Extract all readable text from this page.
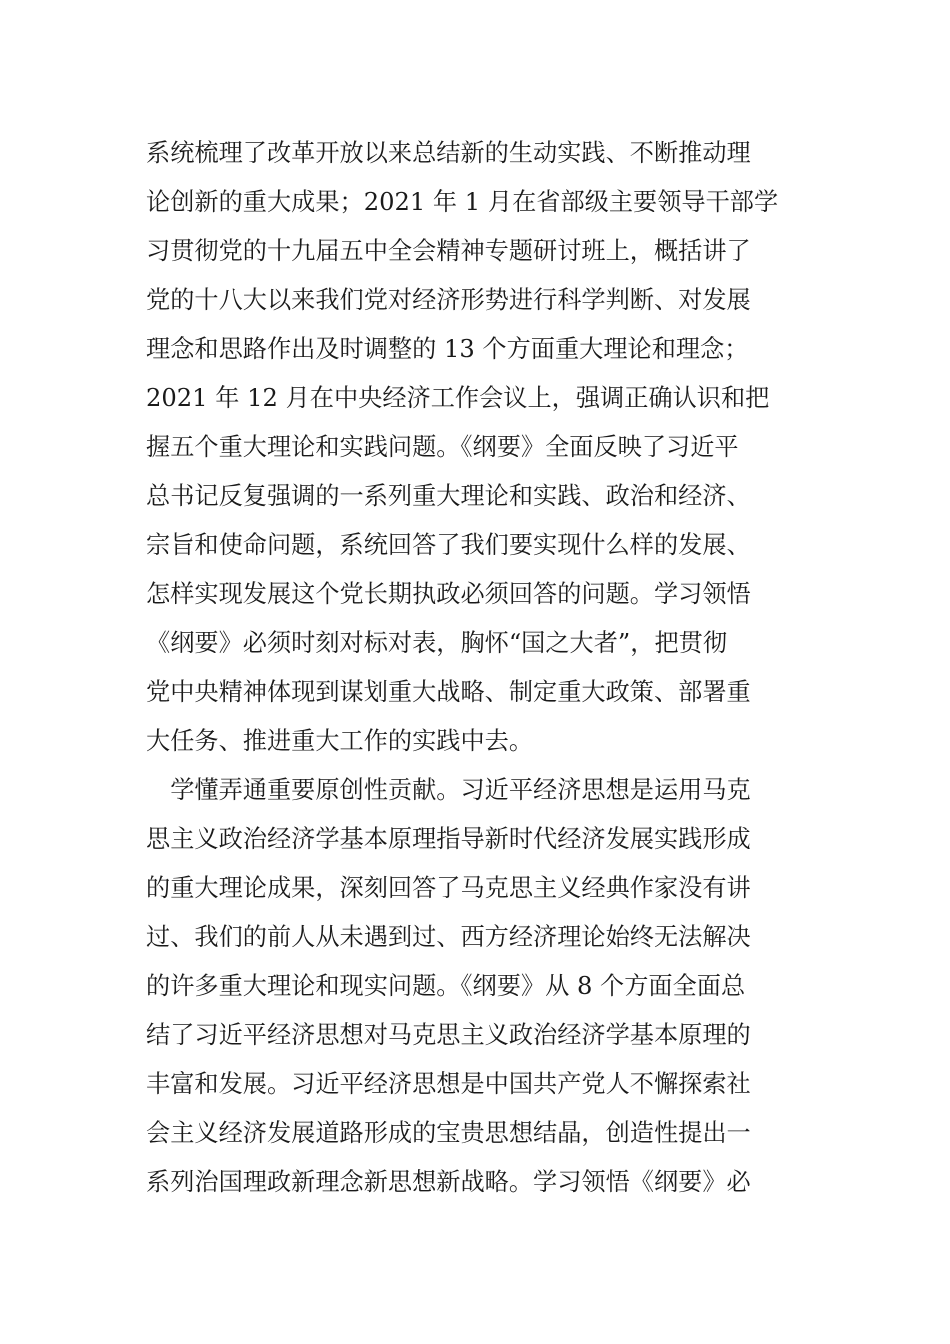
系统梳理了改革开放以来总结新的生动实践、不断推动理
论创新的重大成果；2021 年 1 月在省部级主要领导干部学
习贯彻党的十九届五中全会精神专题研讨班上，概括讲了
党的十八大以来我们党对经济形势进行科学判断、对发展
理念和思路作出及时调整的 13 个方面重大理论和理念；
2021 年 12 月在中央经济工作会议上，强调正确认识和把
握五个重大理论和实践问题。《纲要》全面反映了习近平
总书记反复强调的一系列重大理论和实践、政治和经济、
宗旨和使命问题，系统回答了我们要实现什么样的发展、
怎样实现发展这个党长期执政必须回答的问题。学习领悟
《纲要》必须时刻对标对表，胸怀“国之大者”，把贯彻
党中央精神体现到谋划重大战略、制定重大政策、部署重
大任务、推进重大工作的实践中去。
　学懂弄通重要原创性贡献。习近平经济思想是运用马克
思主义政治经济学基本原理指导新时代经济发展实践形成
的重大理论成果，深刻回答了马克思主义经典作家没有讲
过、我们的前人从未遇到过、西方经济理论始终无法解决
的许多重大理论和现实问题。《纲要》从 8 个方面全面总
结了习近平经济思想对马克思主义政治经济学基本原理的
丰富和发展。习近平经济思想是中国共产党人不懈探索社
会主义经济发展道路形成的宝贵思想结晶，创造性提出一
系列治国理政新理念新思想新战略。学习领悟《纲要》必
